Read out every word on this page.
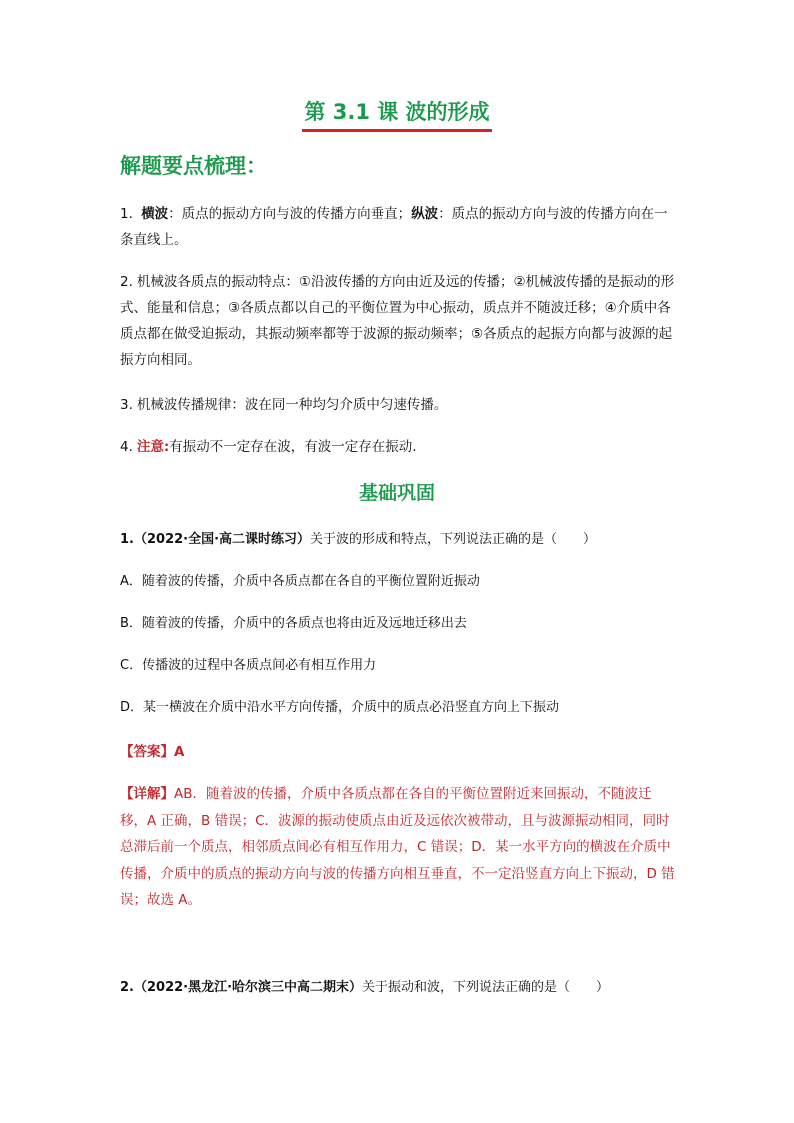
第 3.1 课 波的形成
解题要点梳理：
1. 横波：质点的振动方向与波的传播方向垂直；纵波：质点的振动方向与波的传播方向在一条直线上。
2. 机械波各质点的振动特点：①沿波传播的方向由近及远的传播；②机械波传播的是振动的形式、能量和信息；③各质点都以自己的平衡位置为中心振动，质点并不随波迁移；④介质中各质点都在做受迫振动，其振动频率都等于波源的振动频率；⑤各质点的起振方向都与波源的起振方向相同。
3. 机械波传播规律：波在同一种均匀介质中匀速传播。
4. 注意:有振动不一定存在波，有波一定存在振动.
基础巩固
1.（2022·全国·高二课时练习）关于波的形成和特点，下列说法正确的是（　　）
A．随着波的传播，介质中各质点都在各自的平衡位置附近振动
B．随着波的传播，介质中的各质点也将由近及远地迁移出去
C．传播波的过程中各质点间必有相互作用力
D．某一横波在介质中沿水平方向传播，介质中的质点必沿竖直方向上下振动
【答案】A
【详解】AB．随着波的传播，介质中各质点都在各自的平衡位置附近来回振动，不随波迁移，A 正确，B 错误；C．波源的振动使质点由近及远依次被带动，且与波源振动相同，同时总滞后前一个质点，相邻质点间必有相互作用力，C 错误；D．某一水平方向的横波在介质中传播，介质中的质点的振动方向与波的传播方向相互垂直，不一定沿竖直方向上下振动，D 错误；故选 A。
2.（2022·黑龙江·哈尔滨三中高二期末）关于振动和波，下列说法正确的是（　　）
